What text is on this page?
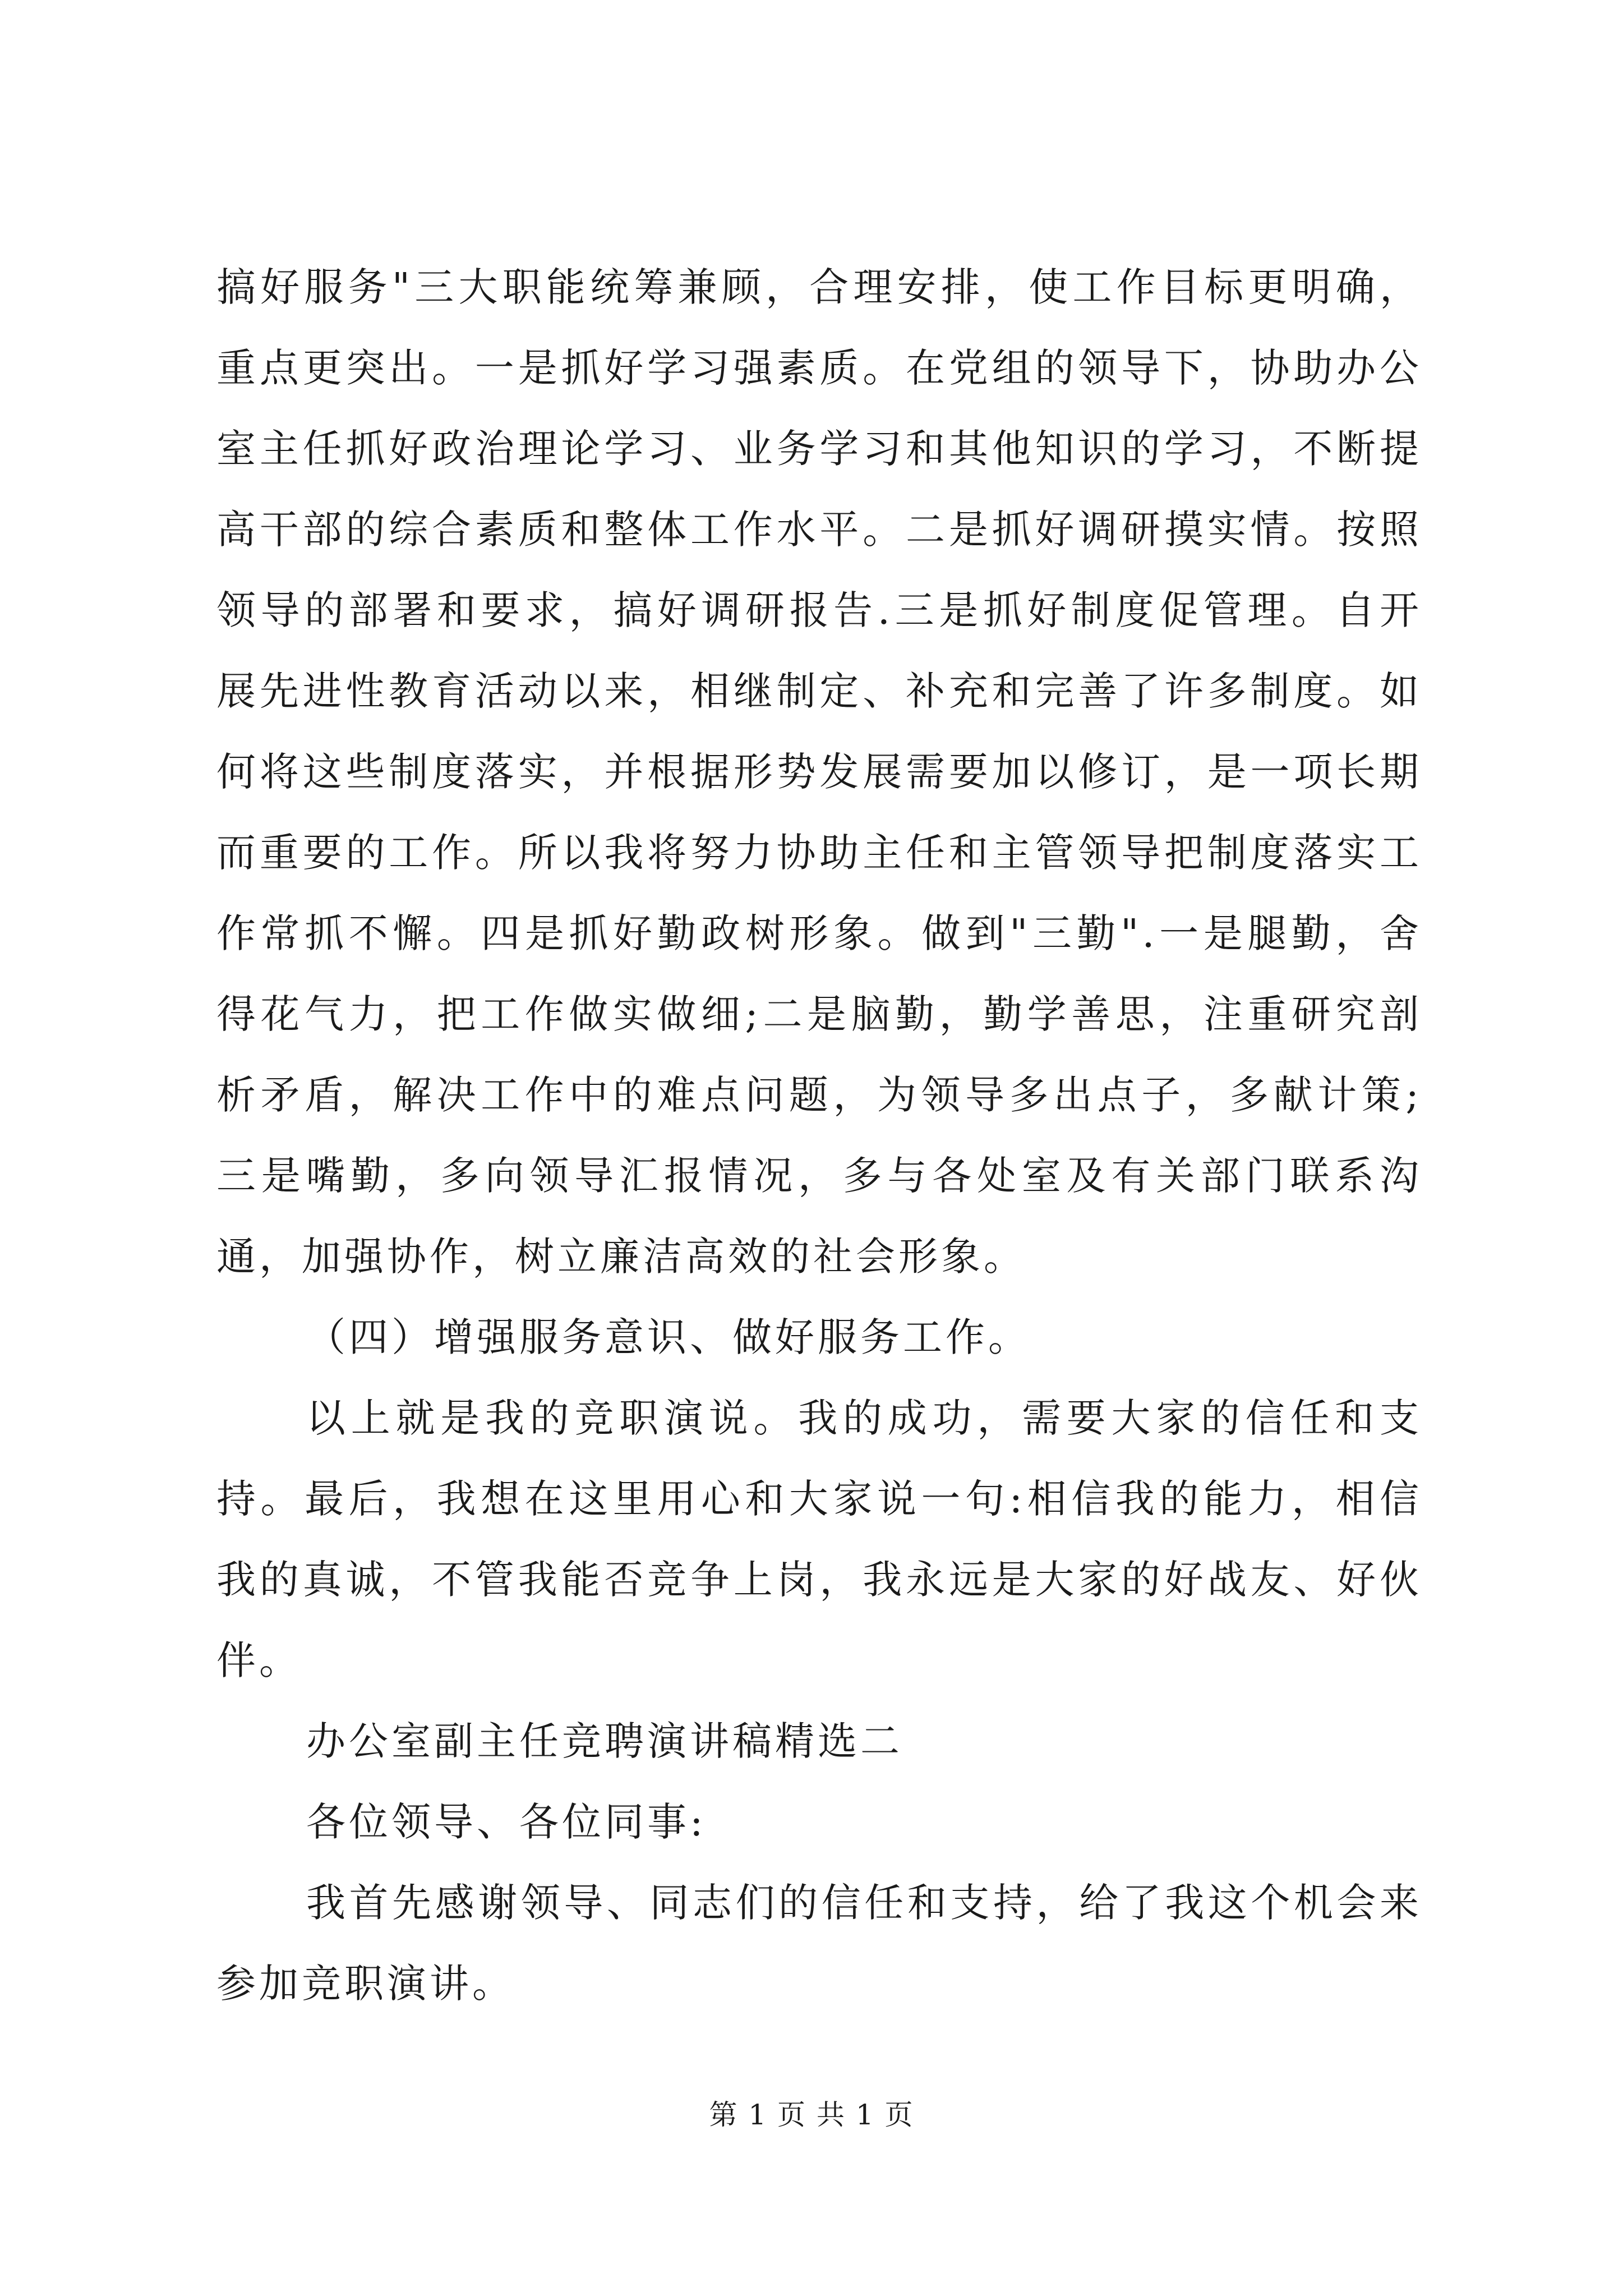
搞好服务"三大职能统筹兼顾，合理安排，使工作目标更明确，重点更突出。一是抓好学习强素质。在党组的领导下，协助办公室主任抓好政治理论学习、业务学习和其他知识的学习，不断提高干部的综合素质和整体工作水平。二是抓好调研摸实情。按照领导的部署和要求，搞好调研报告.三是抓好制度促管理。自开展先进性教育活动以来，相继制定、补充和完善了许多制度。如何将这些制度落实，并根据形势发展需要加以修订，是一项长期而重要的工作。所以我将努力协助主任和主管领导把制度落实工作常抓不懈。四是抓好勤政树形象。做到"三勤".一是腿勤，舍得花气力，把工作做实做细;二是脑勤，勤学善思，注重研究剖析矛盾，解决工作中的难点问题，为领导多出点子，多献计策;三是嘴勤，多向领导汇报情况，多与各处室及有关部门联系沟通，加强协作，树立廉洁高效的社会形象。

（四）增强服务意识、做好服务工作。

以上就是我的竞职演说。我的成功，需要大家的信任和支持。最后，我想在这里用心和大家说一句:相信我的能力，相信我的真诚，不管我能否竞争上岗，我永远是大家的好战友、好伙伴。

办公室副主任竞聘演讲稿精选二

各位领导、各位同事:

我首先感谢领导、同志们的信任和支持，给了我这个机会来参加竞职演讲。

第 1 页 共 1 页
